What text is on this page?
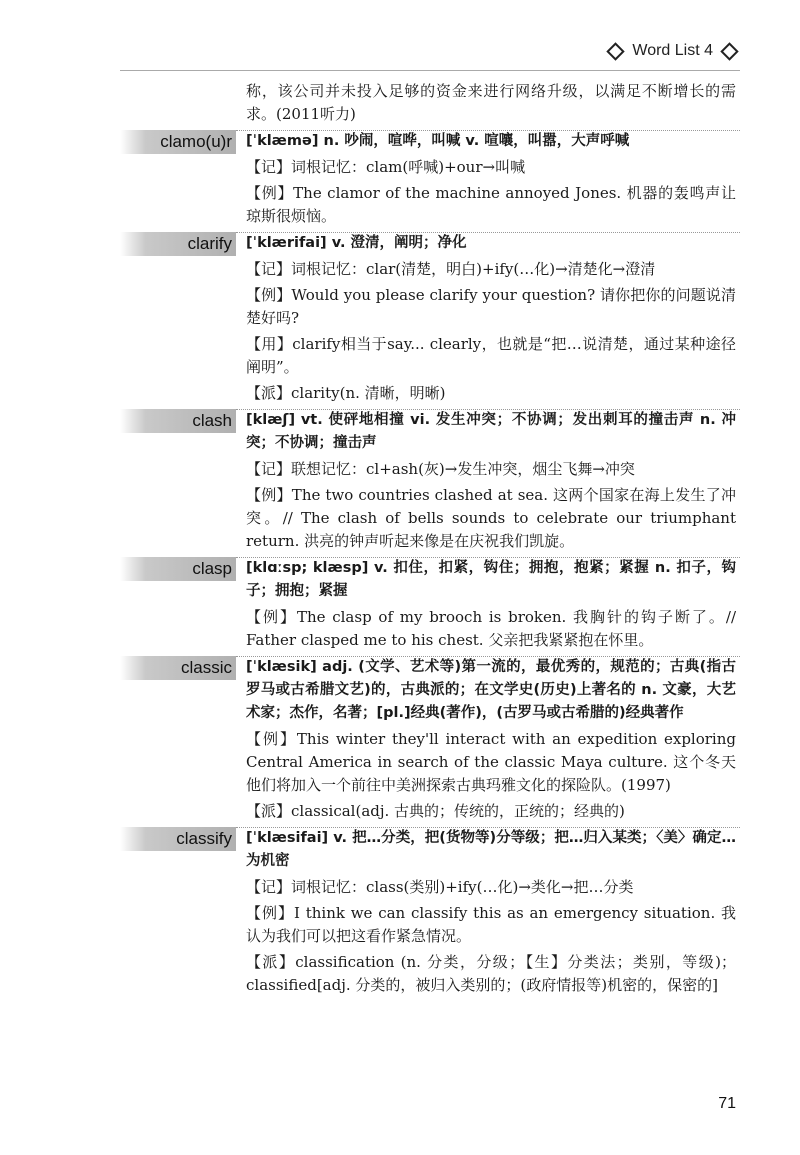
Word List 4
称，该公司并未投入足够的资金来进行网络升级，以满足不断增长的需求。(2011听力)
clamo(u)r [ˈklæmə] n. 吵闹，喧哗，叫喊 v. 喧嚷，叫嚣，大声呼喊

【记】词根记忆：clam(呼喊)+our→叫喊

【例】The clamor of the machine annoyed Jones. 机器的轰鸣声让琼斯很烦恼。

clarify [ˈklærifai] v. 澄清，阐明；净化

【记】词根记忆：clar(清楚，明白)+ify(…化)→清楚化→澄清

【例】Would you please clarify your question? 请你把你的问题说清楚好吗?

【用】clarify相当于say... clearly，也就是“把…说清楚，通过某种途径阐明”。

【派】clarity(n. 清晰，明晰)

clash [klæʃ] vt. 使砰地相撞 vi. 发生冲突；不协调；发出刺耳的撞击声 n. 冲突；不协调；撞击声

【记】联想记忆：cl+ash(灰)→发生冲突，烟尘飞舞→冲突

【例】The two countries clashed at sea. 这两个国家在海上发生了冲突。// The clash of bells sounds to celebrate our triumphant return. 洪亮的钟声听起来像是在庆祝我们凯旋。

clasp [klɑːsp; klæsp] v. 扣住，扣紧，钩住；拥抱，抱紧；紧握 n. 扣子，钩子；拥抱；紧握

【例】The clasp of my brooch is broken. 我胸针的钩子断了。// Father clasped me to his chest. 父亲把我紧紧抱在怀里。

classic [ˈklæsik] adj. (文学、艺术等)第一流的，最优秀的，规范的；古典(指古罗马或古希腊文艺)的，古典派的；在文学史(历史)上著名的 n. 文豪，大艺术家；杰作，名著；[pl.]经典(著作)，(古罗马或古希腊的)经典著作

【例】This winter they'll interact with an expedition exploring Central America in search of the classic Maya culture. 这个冬天他们将加入一个前往中美洲探索古典玛雅文化的探险队。(1997)

【派】classical(adj. 古典的；传统的，正统的；经典的)

classify [ˈklæsifai] v. 把…分类，把(货物等)分等级；把…归入某类；〈美〉确定…为机密

【记】词根记忆：class(类别)+ify(…化)→类化→把…分类

【例】I think we can classify this as an emergency situation. 我认为我们可以把这看作紧急情况。

【派】classification (n. 分类，分级；【生】分类法；类别，等级)；classified[adj. 分类的，被归入类别的；(政府情报等)机密的，保密的]

71
